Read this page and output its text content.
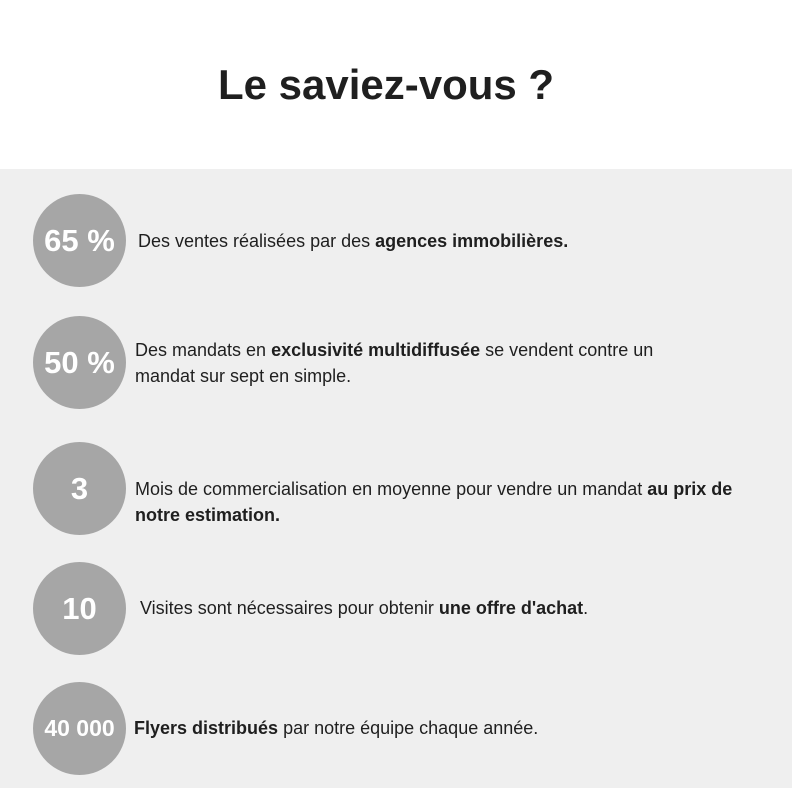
Le saviez-vous ?
65 % Des ventes réalisées par des agences immobilières.

50 % Des mandats en exclusivité multidiffusée se vendent contre un mandat sur sept en simple.

3	Mois de commercialisation en moyenne pour vendre un mandat au prix de notre estimation.

10 Visites sont nécessaires pour obtenir une offre d'achat.

40 000 Flyers distribués par notre équipe chaque année.
